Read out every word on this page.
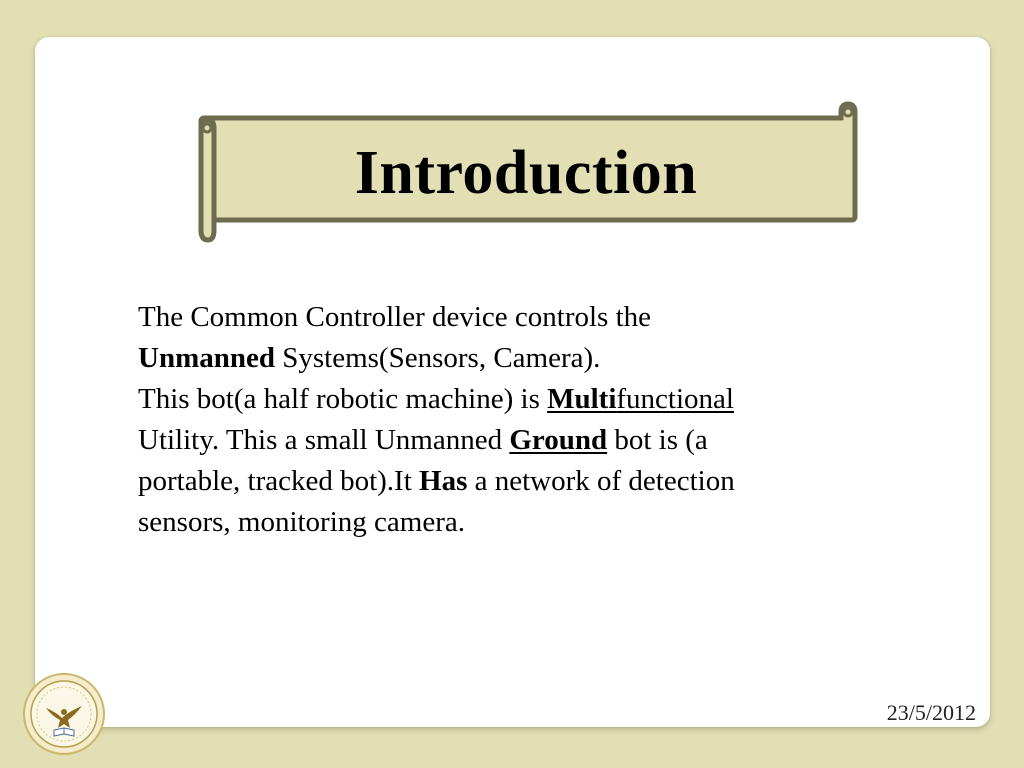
Introduction

The Common Controller device controls the

Unmanned Systems(Sensors, Camera).

This bot(a half robotic machine) is Multifunctional

Utility. This a small Unmanned Ground bot is (a

portable, tracked bot).It Has a network of detection

sensors, monitoring camera.

23/5/2012
